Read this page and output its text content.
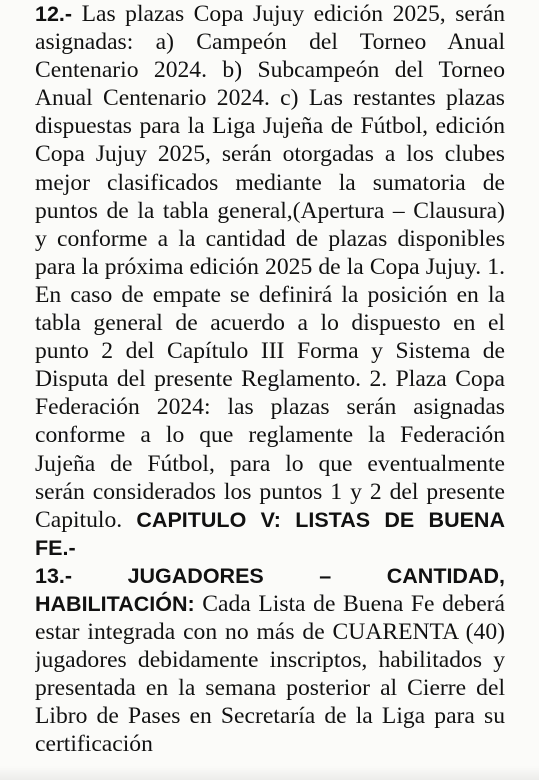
12.- Las plazas Copa Jujuy edición 2025, serán asignadas: a) Campeón del Torneo Anual Centenario 2024. b) Subcampeón del Torneo Anual Centenario 2024. c) Las restantes plazas dispuestas para la Liga Jujeña de Fútbol, edición Copa Jujuy 2025, serán otorgadas a los clubes mejor clasificados mediante la sumatoria de puntos de la tabla general,(Apertura – Clausura) y conforme a la cantidad de plazas disponibles para la próxima edición 2025 de la Copa Jujuy. 1. En caso de empate se definirá la posición en la tabla general de acuerdo a lo dispuesto en el punto 2 del Capítulo III Forma y Sistema de Disputa del presente Reglamento. 2. Plaza Copa Federación 2024: las plazas serán asignadas conforme a lo que reglamente la Federación Jujeña de Fútbol, para lo que eventualmente serán considerados los puntos 1 y 2 del presente Capitulo. CAPITULO V: LISTAS DE BUENA FE.-
13.-	JUGADORES	–	CANTIDAD,
HABILITACIÓN: Cada Lista de Buena Fe deberá estar integrada con no más de CUARENTA (40) jugadores debidamente inscriptos, habilitados y presentada en la semana posterior al Cierre del Libro de Pases en Secretaría de la Liga para su certificación
